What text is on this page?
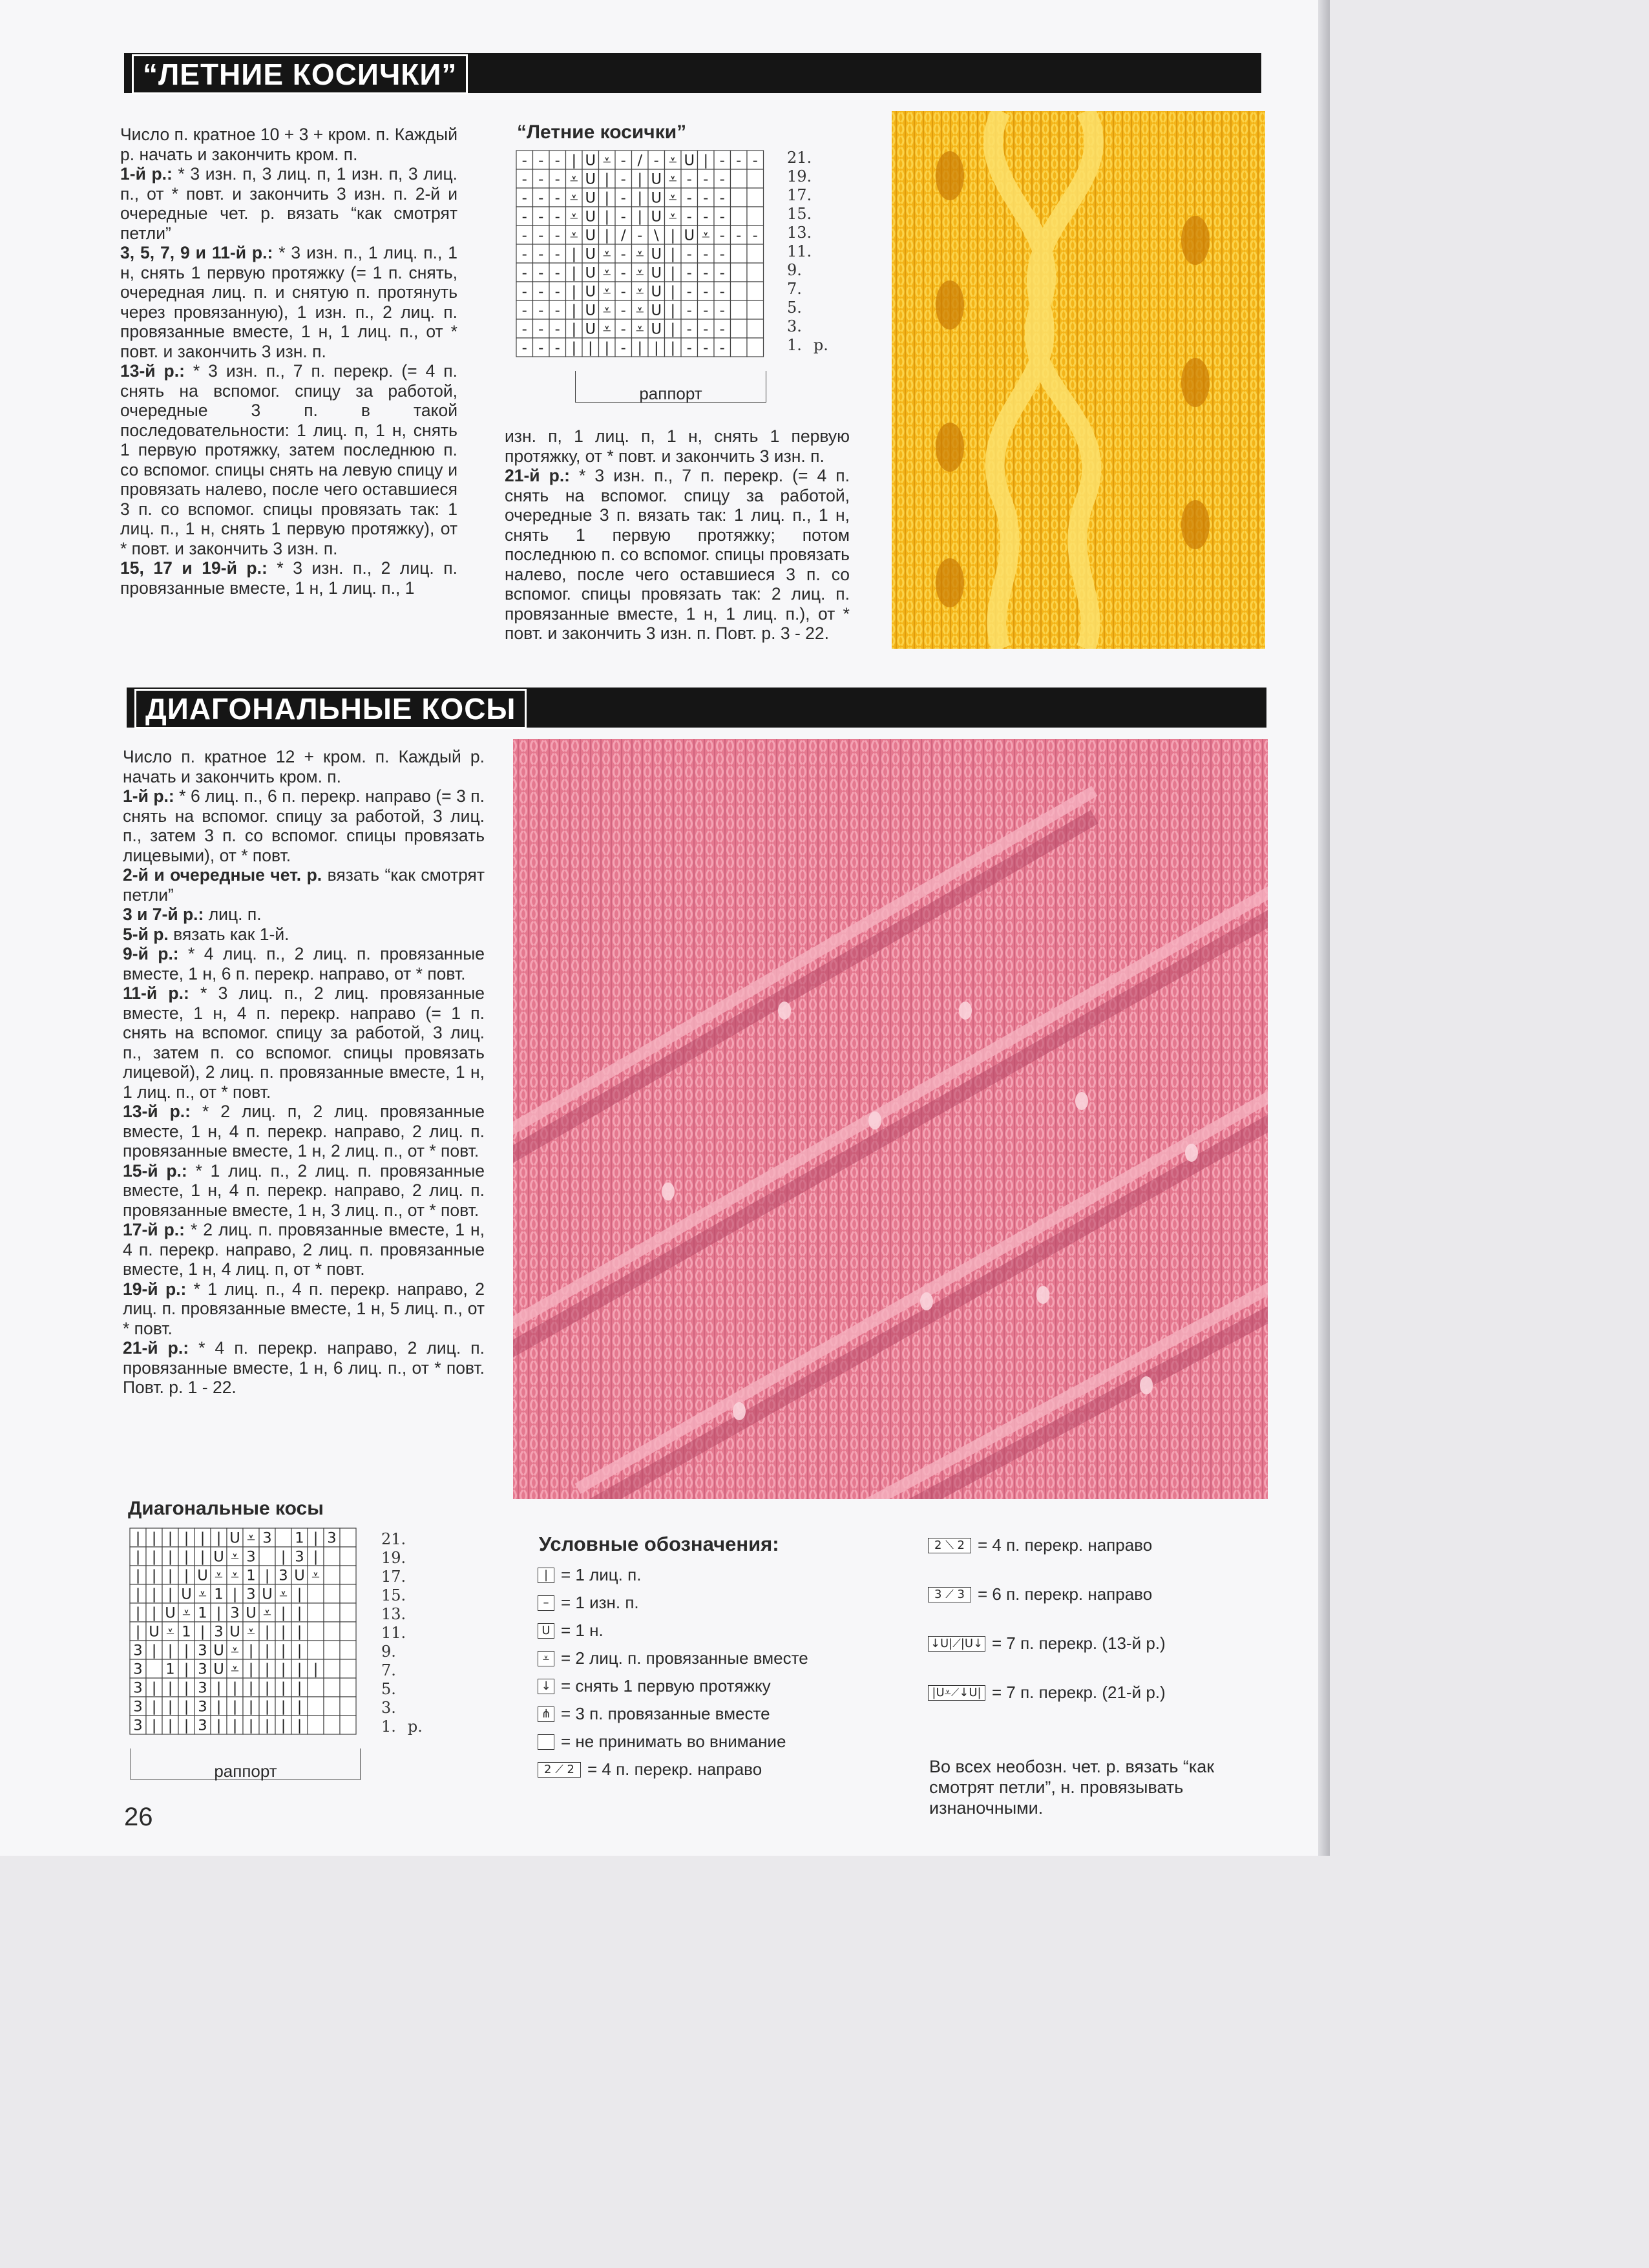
“ЛЕТНИЕ КОСИЧКИ”

Число п. кратное 10 + 3 + кром. п. Каждый р. начать и закончить кром. п.

1-й р.: * 3 изн. п, 3 лиц. п, 1 изн. п, 3 лиц. п., от * повт. и закончить 3 изн. п. 2-й и очередные чет. р. вязать “как смотрят петли”

3, 5, 7, 9 и 11-й р.: * 3 изн. п., 1 лиц. п., 1 н, снять 1 первую протяжку (= 1 п. снять, очередная лиц. п. и снятую п. протянуть через провязанную), 1 изн. п., 2 лиц. п. провязанные вместе, 1 н, 1 лиц. п., от * повт. и закончить 3 изн. п.

13-й р.: * 3 изн. п., 7 п. перекр. (= 4 п. снять на вспомог. спицу за работой, очередные 3 п. в такой последовательности: 1 лиц. п, 1 н, снять 1 первую протяжку, затем последнюю п. со вспомог. спицы снять на левую спицу и провязать налево, после чего оставшиеся 3 п. со вспомог. спицы провязать так: 1 лиц. п., 1 н, снять 1 первую протяжку), от * повт. и закончить 3 изн. п.

15, 17 и 19-й р.: * 3 изн. п., 2 лиц. п. провязанные вместе, 1 н, 1 лиц. п., 1

“Летние косички”
- - - | U ⩡ - / - ⩡ U | - - -
- - - ⩡ U | - | U ⩡ - - -
- - - ⩡ U | - | U ⩡ - - -
- - - ⩡ U | - | U ⩡ - - -
- - - ⩡ U | / - \ | U ⩡ - - -
- - - | U ⩡ - ⩡ U | - - -
- - - | U ⩡ - ⩡ U | - - -
- - - | U ⩡ - ⩡ U | - - -
- - - | U ⩡ - ⩡ U | - - -
- - - | U ⩡ - ⩡ U | - - -
- - - | | | - | | | - - -
21.
19.
17.
15.
13.
11.
9.
7.
5.
3.
1. р.
раппорт

изн. п, 1 лиц. п, 1 н, снять 1 первую протяжку, от * повт. и закончить 3 изн. п.

21-й р.: * 3 изн. п., 7 п. перекр. (= 4 п. снять на вспомог. спицу за работой, очередные 3 п. вязать так: 1 лиц. п., 1 н, снять 1 первую протяжку; потом последнюю п. со вспомог. спицы провязать налево, после чего оставшиеся 3 п. со вспомог. спицы провязать так: 2 лиц. п. провязанные вместе, 1 н, 1 лиц. п.), от * повт. и закончить 3 изн. п. Повт. р. 3 - 22.

ДИАГОНАЛЬНЫЕ КОСЫ

Число п. кратное 12 + кром. п. Каждый р. начать и закончить кром. п.

1-й р.: * 6 лиц. п., 6 п. перекр. направо (= 3 п. снять на вспомог. спицу за работой, 3 лиц. п., затем 3 п. со вспомог. спицы провязать лицевыми), от * повт.

2-й и очередные чет. р. вязать “как смотрят петли”

3 и 7-й р.: лиц. п.

5-й р. вязать как 1-й.

9-й р.: * 4 лиц. п., 2 лиц. п. провязанные вместе, 1 н, 6 п. перекр. направо, от * повт.

11-й р.: * 3 лиц. п., 2 лиц. провязанные вместе, 1 н, 4 п. перекр. направо (= 1 п. снять на вспомог. спицу за работой, 3 лиц. п., затем п. со вспомог. спицы провязать лицевой), 2 лиц. п. провязанные вместе, 1 н, 1 лиц. п., от * повт.

13-й р.: * 2 лиц. п, 2 лиц. провязанные вместе, 1 н, 4 п. перекр. направо, 2 лиц. п. провязанные вместе, 1 н, 2 лиц. п., от * повт.

15-й р.: * 1 лиц. п., 2 лиц. п. провязанные вместе, 1 н, 4 п. перекр. направо, 2 лиц. п. провязанные вместе, 1 н, 3 лиц. п., от * повт.

17-й р.: * 2 лиц. п. провязанные вместе, 1 н, 4 п. перекр. направо, 2 лиц. п. провязанные вместе, 1 н, 4 лиц. п, от * повт.

19-й р.: * 1 лиц. п., 4 п. перекр. направо, 2 лиц. п. провязанные вместе, 1 н, 5 лиц. п., от * повт.

21-й р.: * 4 п. перекр. направо, 2 лиц. п. провязанные вместе, 1 н, 6 лиц. п., от * повт. Повт. р. 1 - 22.

Диагональные косы
| | | | | | U ⩡ 3 1 | 3
| | | | | U ⩡ 3 | 3 |
| | | | U ⩡ ⩡ 1 | 3 U ⩡
| | | U ⩡ 1 | 3 U ⩡ |
| | U ⩡ 1 | 3 U ⩡ | |
| U ⩡ 1 | 3 U ⩡ | | |
3 | | | 3 U ⩡ | | | |
3 1 | 3 U ⩡ | | | | |
3 | | | 3 | | | | | |
3 | | | 3 | | | | | |
3 | | | 3 | | | | | |
21.
19.
17.
15.
13.
11.
9.
7.
5.
3.
1. р.
раппорт
26
Условные обозначения:
| = 1 лиц. п.
– = 1 изн. п.
U = 1 н.
⩡ = 2 лиц. п. провязанные вместе
↓ = снять 1 первую протяжку
⋔ = 3 п. провязанные вместе
= не принимать во внимание
2 ⟋ 2 = 4 п. перекр. направо
2 ⟍ 2 = 4 п. перекр. направо
3 ⟋ 3 = 6 п. перекр. направо
↓U|⟋|U↓ = 7 п. перекр. (13-й р.)
|U⩡⟋↓U| = 7 п. перекр. (21-й р.)
Во всех необозн. чет. р. вязать “как смотрят петли”, н. провязывать изнаночными.
